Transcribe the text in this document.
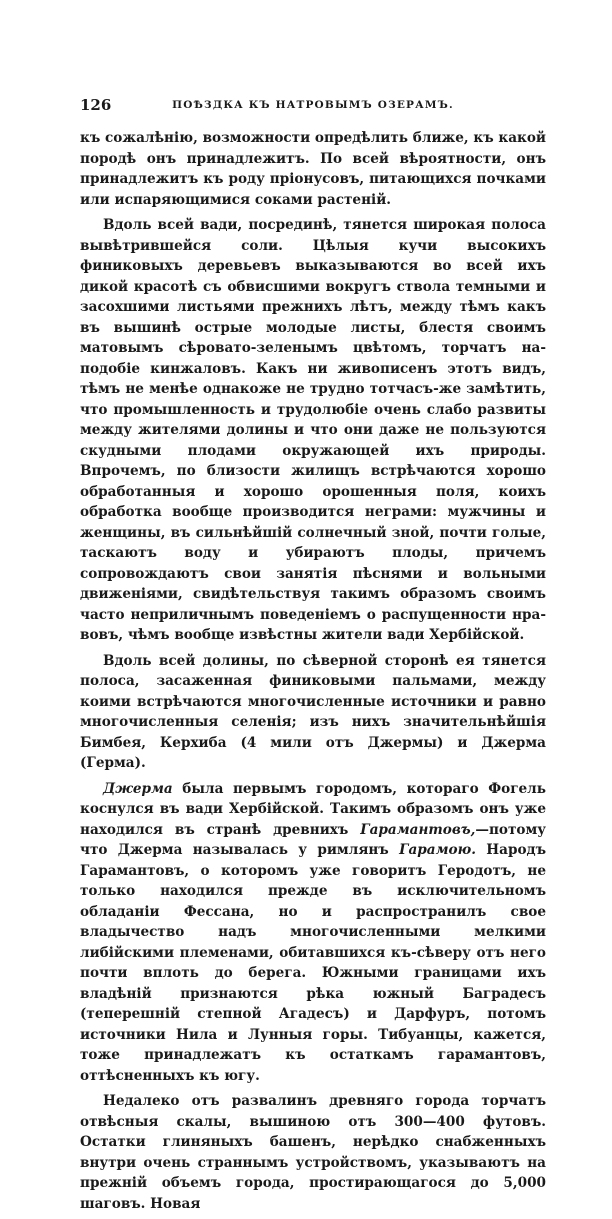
126	ПОѢЗДКА КЪ НАТРОВЫМЪ ОЗЕРАМЪ.

къ сожалѣнію, возможности опредѣлить ближе, къ какой породѣ онъ принадлежитъ. По всей вѣроятности, онъ принадлежитъ къ роду пріонусовъ, питающихся почками или испаряющимися соками растеній.

Вдоль всей вади, посрединѣ, тянется широкая полоса вывѣтрившейся соли. Цѣлыя кучи высокихъ финиковыхъ деревьевъ выказываются во всей ихъ дикой красотѣ съ обвисшими вокругъ ствола темными и засохшими листьями прежнихъ лѣтъ, между тѣмъ какъ въ вышинѣ острые молодые листы, блестя своимъ матовымъ сѣровато-зеленымъ цвѣтомъ, торчатъ на-подобіе кинжаловъ. Какъ ни живописенъ этотъ видъ, тѣмъ не менѣе однакоже не трудно тотчасъ-же замѣтить, что промышленность и трудолюбіе очень слабо развиты между жителями долины и что они даже не пользуются скудными плодами окружающей ихъ природы. Впрочемъ, по близости жилищъ встрѣчаются хорошо обработанныя и хорошо орошенныя поля, коихъ обработка вообще производится неграми: мужчины и женщины, въ сильнѣйшій солнечный зной, почти голые, таскаютъ воду и убираютъ плоды, причемъ сопровождаютъ свои занятія пѣснями и вольными движеніями, свидѣтельствуя такимъ образомъ своимъ часто неприличнымъ поведеніемъ о распущенности нравовъ, чѣмъ вообще извѣстны жители вади Хербійской.

Вдоль всей долины, по сѣверной сторонѣ ея тянется полоса, засаженная финиковыми пальмами, между коими встрѣчаются многочисленные источники и равно многочисленныя селенія; изъ нихъ значительнѣйшія Бимбея, Керхиба (4 мили отъ Джермы) и Джерма (Герма).

Джерма была первымъ городомъ, котораго Фогель коснулся въ вади Хербійской. Такимъ образомъ онъ уже находился въ странѣ древнихъ Гарамантовъ,—потому что Джерма называлась у римлянъ Гарамою. Народъ Гарамантовъ, о которомъ уже говоритъ Геродотъ, не только находился прежде въ исключительномъ обладаніи Феccана, но и распространилъ свое владычество надъ многочисленными мелкими либійскими племенами, обитавшихся къ-сѣверу отъ него почти вплоть до берега. Южными границами ихъ владѣній признаются рѣка южный Баградесъ (теперешній степной Агадесъ) и Дарфуръ, потомъ источники Нила и Лунныя горы. Тибуанцы, кажется, тоже принадлежатъ къ остаткамъ гарамантовъ, оттѣсненныхъ къ югу.

Недалеко отъ развалинъ древняго города торчатъ отвѣсныя скалы, вышиною отъ 300—400 футовъ. Остатки глиняныхъ башенъ, нерѣдко снабженныхъ внутри очень страннымъ устройствомъ, указываютъ на прежній объемъ города, простирающагося до 5,000 шаговъ. Новая
